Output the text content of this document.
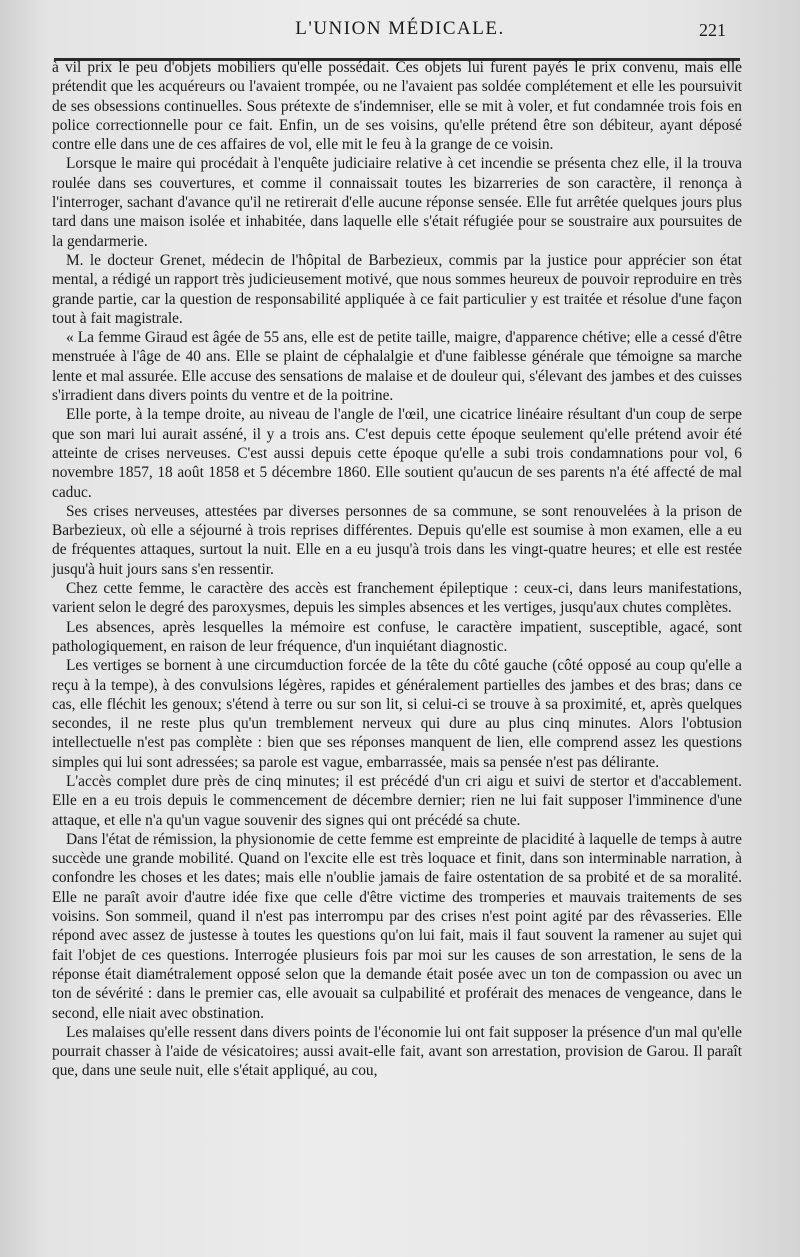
L'UNION MÉDICALE.	221

à vil prix le peu d'objets mobiliers qu'elle possédait. Ces objets lui furent payés le prix convenu, mais elle prétendit que les acquéreurs ou l'avaient trompée, ou ne l'avaient pas soldée complétement et elle les poursuivit de ses obsessions continuelles. Sous prétexte de s'indemniser, elle se mit à voler, et fut condamnée trois fois en police correctionnelle pour ce fait. Enfin, un de ses voisins, qu'elle prétend être son débiteur, ayant déposé contre elle dans une de ces affaires de vol, elle mit le feu à la grange de ce voisin.

Lorsque le maire qui procédait à l'enquête judiciaire relative à cet incendie se présenta chez elle, il la trouva roulée dans ses couvertures, et comme il connaissait toutes les bizarreries de son caractère, il renonça à l'interroger, sachant d'avance qu'il ne retirerait d'elle aucune réponse sensée. Elle fut arrêtée quelques jours plus tard dans une maison isolée et inhabitée, dans laquelle elle s'était réfugiée pour se soustraire aux poursuites de la gendarmerie.

M. le docteur Grenet, médecin de l'hôpital de Barbezieux, commis par la justice pour apprécier son état mental, a rédigé un rapport très judicieusement motivé, que nous sommes heureux de pouvoir reproduire en très grande partie, car la question de responsabilité appliquée à ce fait particulier y est traitée et résolue d'une façon tout à fait magistrale.

« La femme Giraud est âgée de 55 ans, elle est de petite taille, maigre, d'apparence chétive; elle a cessé d'être menstruée à l'âge de 40 ans. Elle se plaint de céphalalgie et d'une faiblesse générale que témoigne sa marche lente et mal assurée. Elle accuse des sensations de malaise et de douleur qui, s'élevant des jambes et des cuisses s'irradient dans divers points du ventre et de la poitrine.

Elle porte, à la tempe droite, au niveau de l'angle de l'œil, une cicatrice linéaire résultant d'un coup de serpe que son mari lui aurait asséné, il y a trois ans. C'est depuis cette époque seulement qu'elle prétend avoir été atteinte de crises nerveuses. C'est aussi depuis cette époque qu'elle a subi trois condamnations pour vol, 6 novembre 1857, 18 août 1858 et 5 décembre 1860. Elle soutient qu'aucun de ses parents n'a été affecté de mal caduc.

Ses crises nerveuses, attestées par diverses personnes de sa commune, se sont renouvelées à la prison de Barbezieux, où elle a séjourné à trois reprises différentes. Depuis qu'elle est soumise à mon examen, elle a eu de fréquentes attaques, surtout la nuit. Elle en a eu jusqu'à trois dans les vingt-quatre heures; et elle est restée jusqu'à huit jours sans s'en ressentir.

Chez cette femme, le caractère des accès est franchement épileptique : ceux-ci, dans leurs manifestations, varient selon le degré des paroxysmes, depuis les simples absences et les vertiges, jusqu'aux chutes complètes.

Les absences, après lesquelles la mémoire est confuse, le caractère impatient, susceptible, agacé, sont pathologiquement, en raison de leur fréquence, d'un inquiétant diagnostic.

Les vertiges se bornent à une circumduction forcée de la tête du côté gauche (côté opposé au coup qu'elle a reçu à la tempe), à des convulsions légères, rapides et généralement partielles des jambes et des bras; dans ce cas, elle fléchit les genoux; s'étend à terre ou sur son lit, si celui-ci se trouve à sa proximité, et, après quelques secondes, il ne reste plus qu'un tremblement nerveux qui dure au plus cinq minutes. Alors l'obtusion intellectuelle n'est pas complète : bien que ses réponses manquent de lien, elle comprend assez les questions simples qui lui sont adressées; sa parole est vague, embarrassée, mais sa pensée n'est pas délirante.

L'accès complet dure près de cinq minutes; il est précédé d'un cri aigu et suivi de stertor et d'accablement. Elle en a eu trois depuis le commencement de décembre dernier; rien ne lui fait supposer l'imminence d'une attaque, et elle n'a qu'un vague souvenir des signes qui ont précédé sa chute.

Dans l'état de rémission, la physionomie de cette femme est empreinte de placidité à laquelle de temps à autre succède une grande mobilité. Quand on l'excite elle est très loquace et finit, dans son interminable narration, à confondre les choses et les dates; mais elle n'oublie jamais de faire ostentation de sa probité et de sa moralité. Elle ne paraît avoir d'autre idée fixe que celle d'être victime des tromperies et mauvais traitements de ses voisins. Son sommeil, quand il n'est pas interrompu par des crises n'est point agité par des rêvasseries. Elle répond avec assez de justesse à toutes les questions qu'on lui fait, mais il faut souvent la ramener au sujet qui fait l'objet de ces questions. Interrogée plusieurs fois par moi sur les causes de son arrestation, le sens de la réponse était diamétralement opposé selon que la demande était posée avec un ton de compassion ou avec un ton de sévérité : dans le premier cas, elle avouait sa culpabilité et proférait des menaces de vengeance, dans le second, elle niait avec obstination.

Les malaises qu'elle ressent dans divers points de l'économie lui ont fait supposer la présence d'un mal qu'elle pourrait chasser à l'aide de vésicatoires; aussi avait-elle fait, avant son arrestation, provision de Garou. Il paraît que, dans une seule nuit, elle s'était appliqué, au cou,
